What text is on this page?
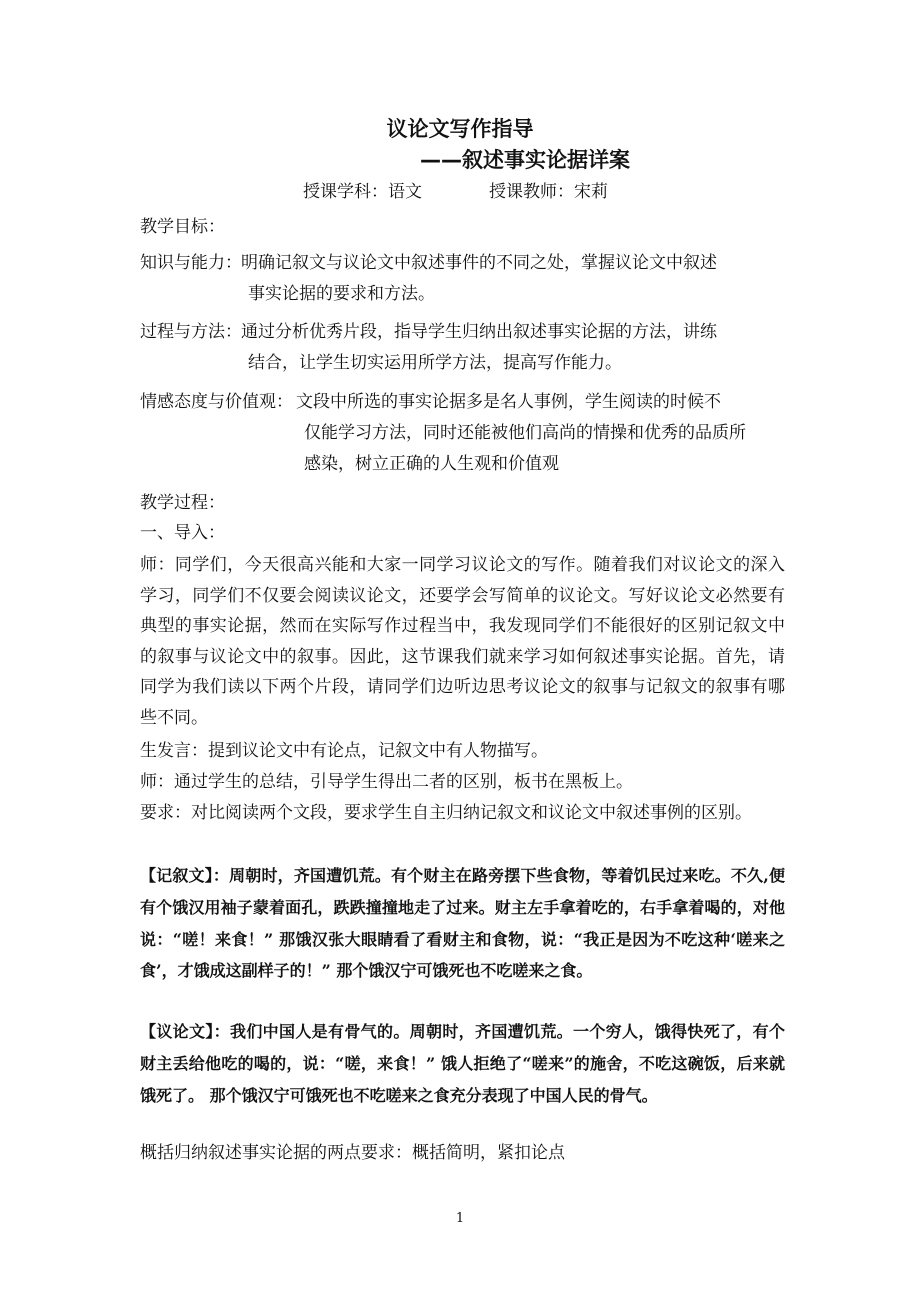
议论文写作指导
——叙述事实论据详案
授课学科：语文	授课教师：宋莉
教学目标：
知识与能力： 明确记叙文与议论文中叙述事件的不同之处，掌握议论文中叙述
事实论据的要求和方法。
过程与方法： 通过分析优秀片段，指导学生归纳出叙述事实论据的方法，讲练
结合，让学生切实运用所学方法，提高写作能力。
情感态度与价值观： 文段中所选的事实论据多是名人事例，学生阅读的时候不
仅能学习方法，同时还能被他们高尚的情操和优秀的品质所
感染，树立正确的人生观和价值观
教学过程：
一、导入：
师：同学们，今天很高兴能和大家一同学习议论文的写作。随着我们对议论文的深入学习，同学们不仅要会阅读议论文，还要学会写简单的议论文。写好议论文必然要有典型的事实论据，然而在实际写作过程当中，我发现同学们不能很好的区别记叙文中的叙事与议论文中的叙事。因此，这节课我们就来学习如何叙述事实论据。首先，请同学为我们读以下两个片段，请同学们边听边思考议论文的叙事与记叙文的叙事有哪些不同。
生发言：提到议论文中有论点，记叙文中有人物描写。
师：通过学生的总结，引导学生得出二者的区别，板书在黑板上。
要求：对比阅读两个文段，要求学生自主归纳记叙文和议论文中叙述事例的区别。
【记叙文】：周朝时，齐国遭饥荒。有个财主在路旁摆下些食物，等着饥民过来吃。不久,便有个饿汉用袖子蒙着面孔，跌跌撞撞地走了过来。财主左手拿着吃的，右手拿着喝的，对他说：“嗟！来食！” 那饿汉张大眼睛看了看财主和食物，说：“我正是因为不吃这种‘嗟来之食’，才饿成这副样子的！” 那个饿汉宁可饿死也不吃嗟来之食。
【议论文】：我们中国人是有骨气的。周朝时，齐国遭饥荒。一个穷人，饿得快死了，有个财主丢给他吃的喝的，说：“嗟，来食！” 饿人拒绝了“嗟来”的施舍，不吃这碗饭，后来就饿死了。 那个饿汉宁可饿死也不吃嗟来之食充分表现了中国人民的骨气。
概括归纳叙述事实论据的两点要求：概括简明，紧扣论点
1
